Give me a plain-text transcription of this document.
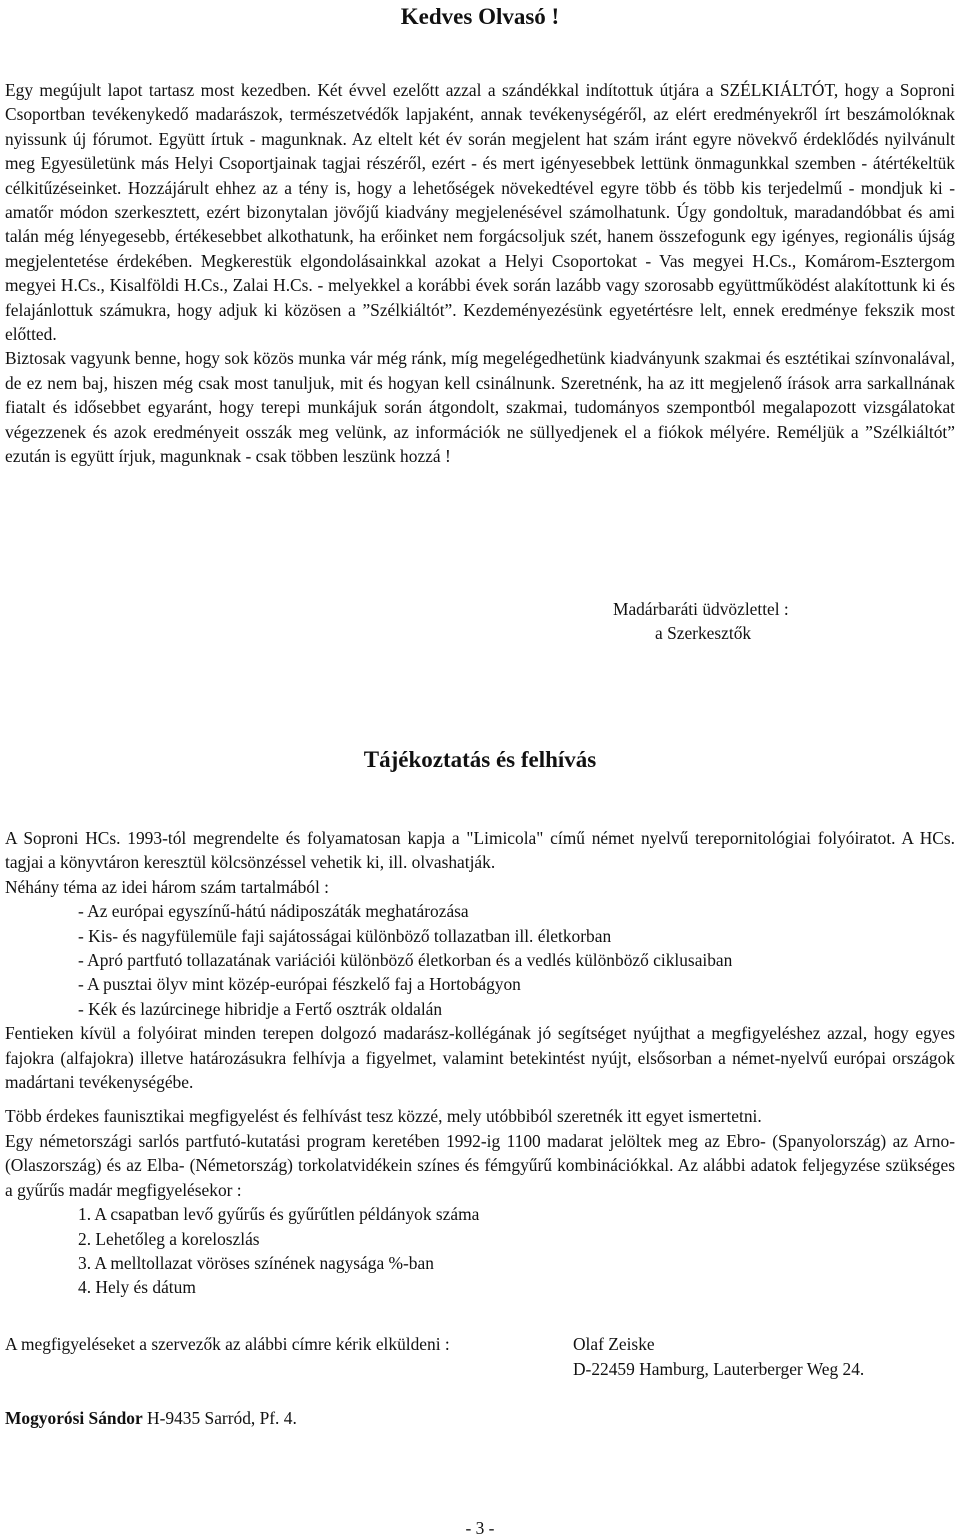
Kedves Olvasó !

Egy megújult lapot tartasz most kezedben. Két évvel ezelőtt azzal a szándékkal indítottuk útjára a SZÉLKIÁLTÓT, hogy a Soproni Csoportban tevékenykedő madarászok, természetvédők lapjaként, annak tevékenységéről, az elért eredményekről írt beszámolóknak nyissunk új fórumot. Együtt írtuk - magunknak. Az eltelt két év során megjelent hat szám iránt egyre növekvő érdeklődés nyilvánult meg Egyesületünk más Helyi Csoportjainak tagjai részéről, ezért - és mert igényesebbek lettünk önmagunkkal szemben - átértékeltük célkitűzéseinket. Hozzájárult ehhez az a tény is, hogy a lehetőségek növekedtével egyre több és több kis terjedelmű - mondjuk ki - amatőr módon szerkesztett, ezért bizonytalan jövőjű kiadvány megjelenésével számolhatunk. Úgy gondoltuk, maradandóbbat és ami talán még lényegesebb, értékesebbet alkothatunk, ha erőinket nem forgácsoljuk szét, hanem összefogunk egy igényes, regionális újság megjelentetése érdekében. Megkerestük elgondolásainkkal azokat a Helyi Csoportokat - Vas megyei H.Cs., Komárom-Esztergom megyei H.Cs., Kisalföldi H.Cs., Zalai H.Cs. - melyekkel a korábbi évek során lazább vagy szorosabb együttműködést alakítottunk ki és felajánlottuk számukra, hogy adjuk ki közösen a ”Szélkiáltót”. Kezdeményezésünk egyetértésre lelt, ennek eredménye fekszik most előtted.

Biztosak vagyunk benne, hogy sok közös munka vár még ránk, míg megelégedhetünk kiadványunk szakmai és esztétikai színvonalával, de ez nem baj, hiszen még csak most tanuljuk, mit és hogyan kell csinálnunk. Szeretnénk, ha az itt megjelenő írások arra sarkallnának fiatalt és idősebbet egyaránt, hogy terepi munkájuk során átgondolt, szakmai, tudományos szempontból megalapozott vizsgálatokat végezzenek és azok eredményeit osszák meg velünk, az információk ne süllyedjenek el a fiókok mélyére. Reméljük a ”Szélkiáltót” ezután is együtt írjuk, magunknak - csak többen leszünk hozzá !

Madárbaráti üdvözlettel :
a Szerkesztők
Tájékoztatás és felhívás

A Soproni HCs. 1993-tól megrendelte és folyamatosan kapja a "Limicola" című német nyelvű terepornitológiai folyóiratot. A HCs. tagjai a könyvtáron keresztül kölcsönzéssel vehetik ki, ill. olvashatják.

Néhány téma az idei három szám tartalmából :

- Az európai egyszínű-hátú nádiposzáták meghatározása
- Kis- és nagyfülemüle faji sajátosságai különböző tollazatban ill. életkorban
- Apró partfutó tollazatának variációi különböző életkorban és a vedlés különböző ciklusaiban
- A pusztai ölyv mint közép-európai fészkelő faj a Hortobágyon
- Kék és lazúrcinege hibridje a Fertő osztrák oldalán

Fentieken kívül a folyóirat minden terepen dolgozó madarász-kollégának jó segítséget nyújthat a megfigyeléshez azzal, hogy egyes fajokra (alfajokra) illetve határozásukra felhívja a figyelmet, valamint betekintést nyújt, elsősorban a német-nyelvű európai országok madártani tevékenységébe.

Több érdekes faunisztikai megfigyelést és felhívást tesz közzé, mely utóbbiból szeretnék itt egyet ismertetni.

Egy németországi sarlós partfutó-kutatási program keretében 1992-ig 1100 madarat jelöltek meg az Ebro- (Spanyolország) az Arno- (Olaszország) és az Elba- (Németország) torkolatvidékein színes és fémgyűrű kombinációkkal. Az alábbi adatok feljegyzése szükséges a gyűrűs madár megfigyelésekor :

1. A csapatban levő gyűrűs és gyűrűtlen példányok száma
2. Lehetőleg a koreloszlás
3. A melltollazat vöröses színének nagysága %-ban
4. Hely és dátum
A megfigyeléseket a szervezők az alábbi címre kérik elküldeni :	Olaf Zeiske
D-22459 Hamburg, Lauterberger Weg 24.
Mogyorósi Sándor H-9435 Sarród, Pf. 4.
- 3 -
